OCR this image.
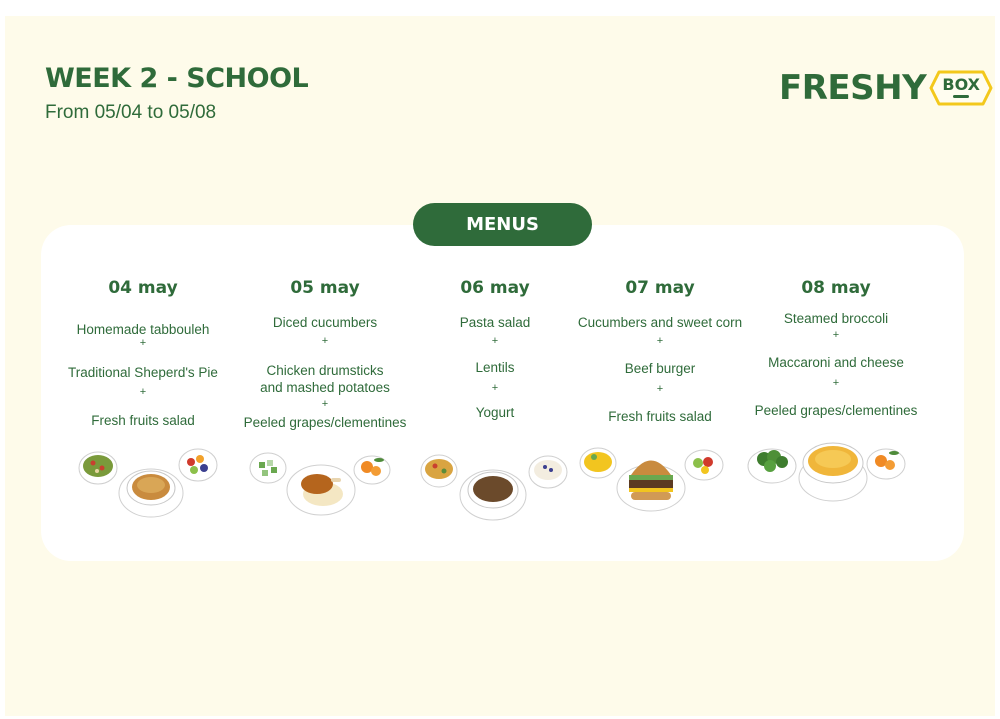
WEEK 2 - SCHOOL
From 05/04 to 05/08
FRESHY	BOX
MENUS
04 may
Homemade tabbouleh
+
Traditional Sheperd's Pie
+
Fresh fruits salad
05 may
Diced cucumbers
+
Chicken drumsticks
and mashed potatoes
+
Peeled grapes/clementines
06 may
Pasta salad
+
Lentils
+
Yogurt
07 may
Cucumbers and sweet corn
+
Beef burger
+
Fresh fruits salad
08 may
Steamed broccoli
+
Maccaroni and cheese
+
Peeled grapes/clementines
